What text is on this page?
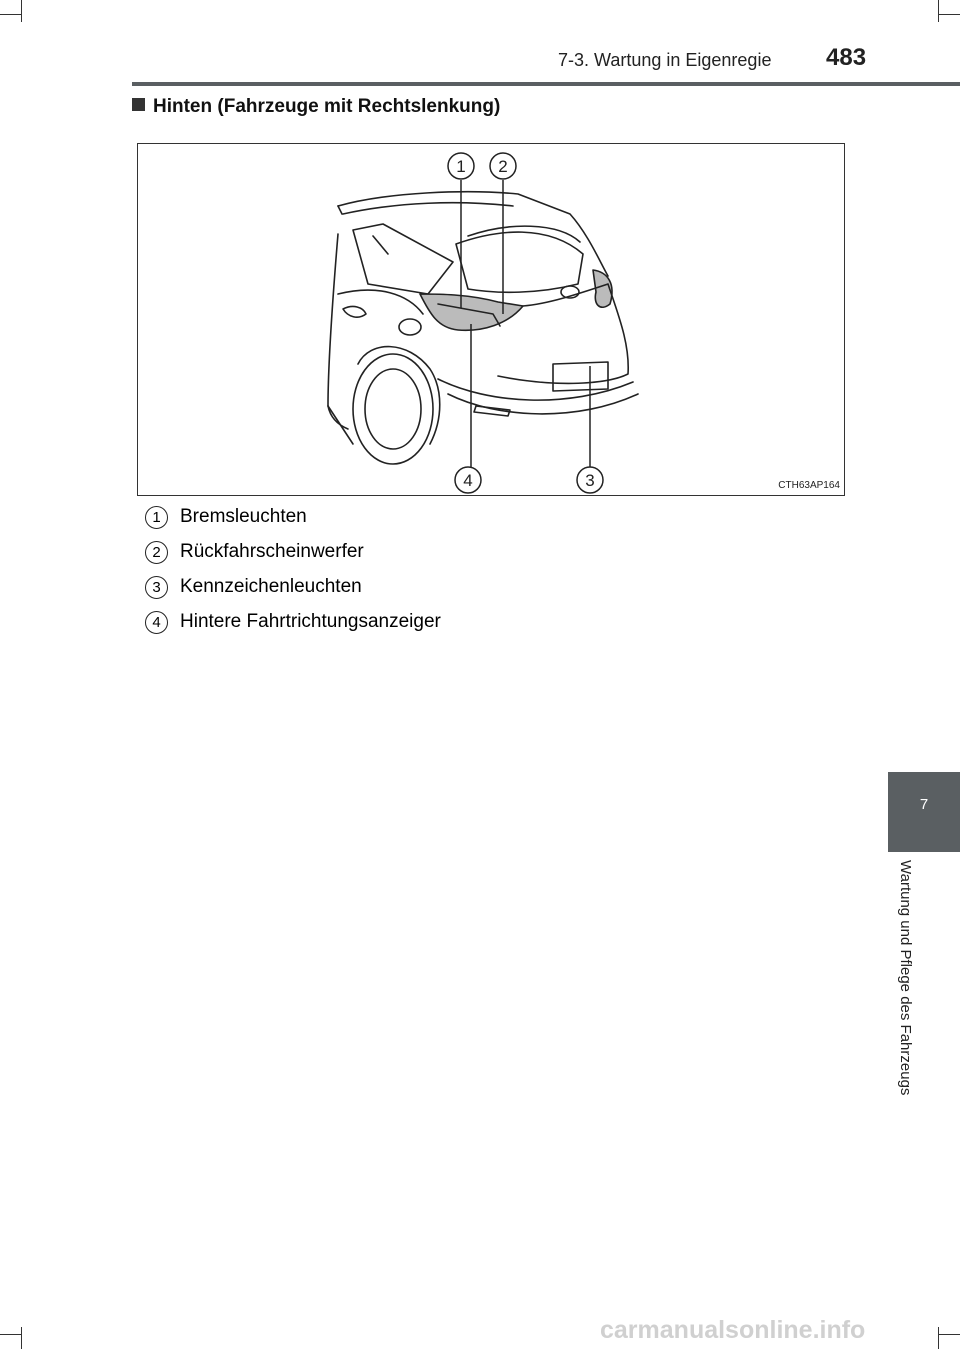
7-3. Wartung in Eigenregie 483
Hinten (Fahrzeuge mit Rechtslenkung)
1 2
3
4	CTH63AP164
1	Bremsleuchten
2	Rückfahrscheinwerfer
3	Kennzeichenleuchten
4	Hintere Fahrtrichtungsanzeiger
7
Wartung und Pflege des Fahrzeugs
carmanualsonline.info
